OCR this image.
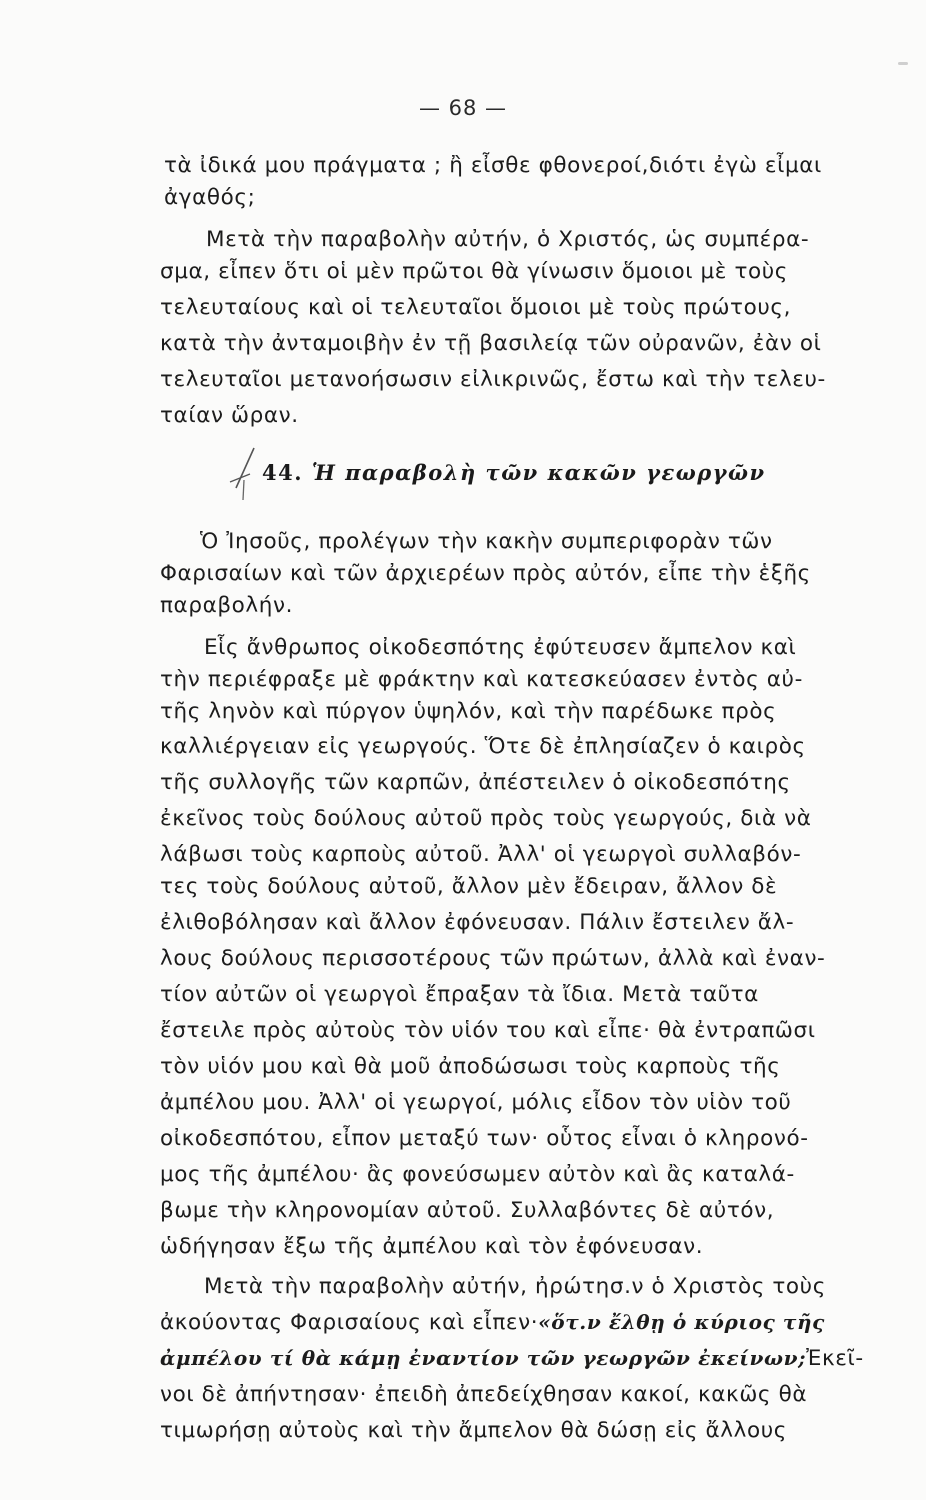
— 68 —
τὰ ἰδικά μου πράγματα ; ἢ εἶσθε φθονεροί,διότι ἐγὼ εἶμαι
ἀγαθός;
Μετὰ τὴν παραβολὴν αὐτήν, ὁ Χριστός, ὡς συμπέρα-
σμα, εἶπεν ὅτι οἱ μὲν πρῶτοι θὰ γίνωσιν ὅμοιοι μὲ τοὺς
τελευταίους καὶ οἱ τελευταῖοι ὅμοιοι μὲ τοὺς πρώτους,
κατὰ τὴν ἀνταμοιβὴν ἐν τῇ βασιλείᾳ τῶν οὐρανῶν, ἐὰν οἱ
τελευταῖοι μετανοήσωσιν εἰλικρινῶς, ἔστω καὶ τὴν τελευ-
ταίαν ὥραν.
44. Ἡ παραβολὴ τῶν κακῶν γεωργῶν
Ὁ Ἰησοῦς, προλέγων τὴν κακὴν συμπεριφορὰν τῶν
Φαρισαίων καὶ τῶν ἀρχιερέων πρὸς αὐτόν, εἶπε τὴν ἑξῆς
παραβολήν.
Εἷς ἄνθρωπος οἰκοδεσπότης ἐφύτευσεν ἄμπελον καὶ
τὴν περιέφραξε μὲ φράκτην καὶ κατεσκεύασεν ἐντὸς αὐ-
τῆς ληνὸν καὶ πύργον ὑψηλόν, καὶ τὴν παρέδωκε πρὸς
καλλιέργειαν εἰς γεωργούς. Ὅτε δὲ ἐπλησίαζεν ὁ καιρὸς
τῆς συλλογῆς τῶν καρπῶν, ἀπέστειλεν ὁ οἰκοδεσπότης
ἐκεῖνος τοὺς δούλους αὐτοῦ πρὸς τοὺς γεωργούς, διὰ νὰ
λάβωσι τοὺς καρποὺς αὐτοῦ. Ἀλλ' οἱ γεωργοὶ συλλαβόν-
τες τοὺς δούλους αὐτοῦ, ἄλλον μὲν ἔδειραν, ἄλλον δὲ
ἐλιθοβόλησαν καὶ ἄλλον ἐφόνευσαν. Πάλιν ἔστειλεν ἄλ-
λους δούλους περισσοτέρους τῶν πρώτων, ἀλλὰ καὶ ἐναν-
τίον αὐτῶν οἱ γεωργοὶ ἔπραξαν τὰ ἴδια. Μετὰ ταῦτα
ἔστειλε πρὸς αὐτοὺς τὸν υἱόν του καὶ εἶπε· θὰ ἐντραπῶσι
τὸν υἱόν μου καὶ θὰ μοῦ ἀποδώσωσι τοὺς καρποὺς τῆς
ἀμπέλου μου. Ἀλλ' οἱ γεωργοί, μόλις εἶδον τὸν υἱὸν τοῦ
οἰκοδεσπότου, εἶπον μεταξύ των· οὗτος εἶναι ὁ κληρονό-
μος τῆς ἀμπέλου· ἂς φονεύσωμεν αὐτὸν καὶ ἂς καταλά-
βωμε τὴν κληρονομίαν αὐτοῦ. Συλλαβόντες δὲ αὐτόν,
ὡδήγησαν ἔξω τῆς ἀμπέλου καὶ τὸν ἐφόνευσαν.
Μετὰ τὴν παραβολὴν αὐτήν, ἠρώτησ.ν ὁ Χριστὸς τοὺς
ἀκούοντας Φαρισαίους καὶ εἶπεν·«ὅτ.ν ἔλθῃ ὁ κύριος τῆς
ἀμπέλου τί θὰ κάμῃ ἐναντίον τῶν γεωργῶν ἐκείνων;Ἐκεῖ-
νοι δὲ ἀπήντησαν· ἐπειδὴ ἀπεδείχθησαν κακοί, κακῶς θὰ
τιμωρήσῃ αὐτοὺς καὶ τὴν ἄμπελον θὰ δώσῃ εἰς ἄλλους
